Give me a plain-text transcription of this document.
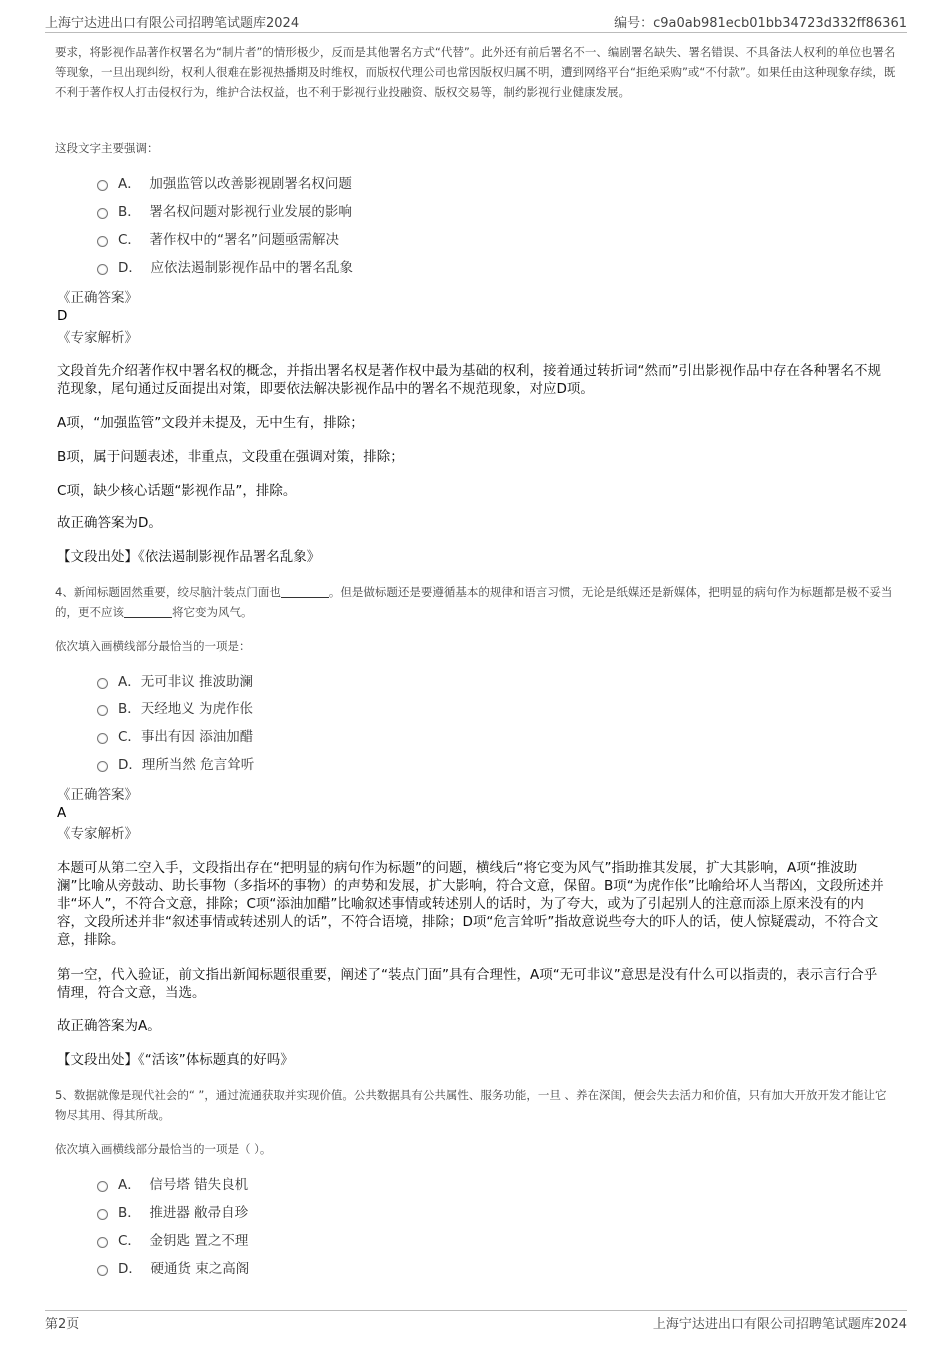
上海宁达进出口有限公司招聘笔试题库2024	编号：c9a0ab981ecb01bb34723d332ff86361
要求，将影视作品著作权署名为“制片者”的情形极少，反而是其他署名方式“代替”。此外还有前后署名不一、编剧署名缺失、署名错误、不具备法人权利的单位也署名等现象，一旦出现纠纷，权利人很难在影视热播期及时维权，而版权代理公司也常因版权归属不明，遭到网络平台“拒绝采购”或“不付款”。如果任由这种现象存续，既不利于著作权人打击侵权行为，维护合法权益，也不利于影视行业投融资、版权交易等，制约影视行业健康发展。
这段文字主要强调：
A． 加强监管以改善影视剧署名权问题
B． 署名权问题对影视行业发展的影响
C． 著作权中的“署名”问题亟需解决
D． 应依法遏制影视作品中的署名乱象
《正确答案》
D
《专家解析》
文段首先介绍著作权中署名权的概念，并指出署名权是著作权中最为基础的权利，接着通过转折词“然而”引出影视作品中存在各种署名不规范现象，尾句通过反面提出对策，即要依法解决影视作品中的署名不规范现象，对应D项。
A项，“加强监管”文段并未提及，无中生有，排除；
B项，属于问题表述，非重点，文段重在强调对策，排除；
C项，缺少核心话题“影视作品”，排除。
故正确答案为D。
【文段出处】《依法遏制影视作品署名乱象》
4、新闻标题固然重要，绞尽脑汁装点门面也	。但是做标题还是要遵循基本的规律和语言习惯，无论是纸媒还是新媒体，把明显的病句作为标题都是极不妥当的，更不应该	将它变为风气。
依次填入画横线部分最恰当的一项是：
A．无可非议 推波助澜
B．天经地义 为虎作伥
C．事出有因 添油加醋
D．理所当然 危言耸听
《正确答案》
A
《专家解析》
本题可从第二空入手，文段指出存在“把明显的病句作为标题”的问题，横线后“将它变为风气”指助推其发展，扩大其影响，A项“推波助澜”比喻从旁鼓动、助长事物（多指坏的事物）的声势和发展，扩大影响，符合文意，保留。B项“为虎作伥”比喻给坏人当帮凶，文段所述并非“坏人”，不符合文意，排除；C项“添油加醋”比喻叙述事情或转述别人的话时，为了夸大，或为了引起别人的注意而添上原来没有的内容，文段所述并非“叙述事情或转述别人的话”，不符合语境，排除；D项“危言耸听”指故意说些夸大的吓人的话，使人惊疑震动，不符合文意，排除。
第一空，代入验证，前文指出新闻标题很重要，阐述了“装点门面”具有合理性，A项“无可非议”意思是没有什么可以指责的，表示言行合乎情理，符合文意，当选。
故正确答案为A。
【文段出处】《“活该”体标题真的好吗》
5、数据就像是现代社会的“ ”，通过流通获取并实现价值。公共数据具有公共属性、服务功能，一旦 、养在深闺，便会失去活力和价值，只有加大开放开发才能让它物尽其用、得其所哉。
依次填入画横线部分最恰当的一项是（ ）。
A． 信号塔 错失良机
B． 推进器 敝帚自珍
C． 金钥匙 置之不理
D． 硬通货 束之高阁
第2页	上海宁达进出口有限公司招聘笔试题库2024
